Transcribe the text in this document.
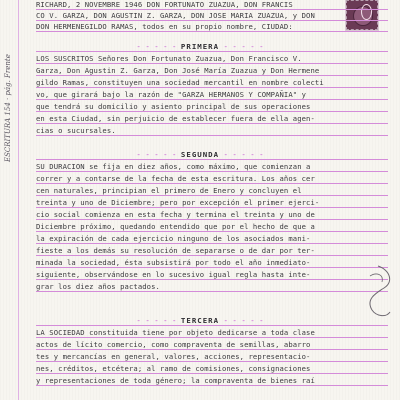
ESCRITURA 154 · pág. Frente
RICHARD, 2 NOVEMBRE 1946 DON FORTUNATO ZUAZUA, DON FRANCIS
CO V. GARZA, DON AGUSTIN Z. GARZA, DON JOSE MARIA ZUAZUA, y DON
DON HERMENEGILDO RAMAS, todos en su propio nombre, CIUDAD:
- - - - - PRIMERA - - - - -
LOS SUSCRITOS Señores Don Fortunato Zuazua, Don Francisco V.
Garza, Don Agustin Z. Garza, Don José María Zuazua y Don Hermene
gildo Ramas, constituyen una sociedad mercantil en nombre colecti
vo, que girará bajo la razón de "GARZA HERMANOS Y COMPAÑIA" y
que tendrá su domicilio y asiento principal de sus operaciones
en esta Ciudad, sin perjuicio de establecer fuera de ella agen-
cias o sucursales.
- - - - - SEGUNDA - - - - -
SU DURACION se fija en diez años, como máximo, que comienzan a
correr y a contarse de la fecha de esta escritura. Los años cer
cen naturales, principian el primero de Enero y concluyen el
treinta y uno de Diciembre; pero por excepción el primer ejerci-
cio social comienza en esta fecha y termina el treinta y uno de
Diciembre próximo, quedando entendido que por el hecho de que a
la expiración de cada ejercicio ninguno de los asociados mani-
fieste a los demás su resolución de separarse o de dar por ter-
minada la sociedad, ésta subsistirá por todo el año inmediato-
siguiente, observándose en lo sucesivo igual regla hasta inte-
grar los diez años pactados.
- - - - - TERCERA - - - - -
LA SOCIEDAD constituida tiene por objeto dedicarse a toda clase
actos de lícito comercio, como compraventa de semillas, abarro
tes y mercancías en general, valores, acciones, representacio-
nes, créditos, etcétera; al ramo de comisiones, consignaciones
y representaciones de toda género; la compraventa de bienes raí
